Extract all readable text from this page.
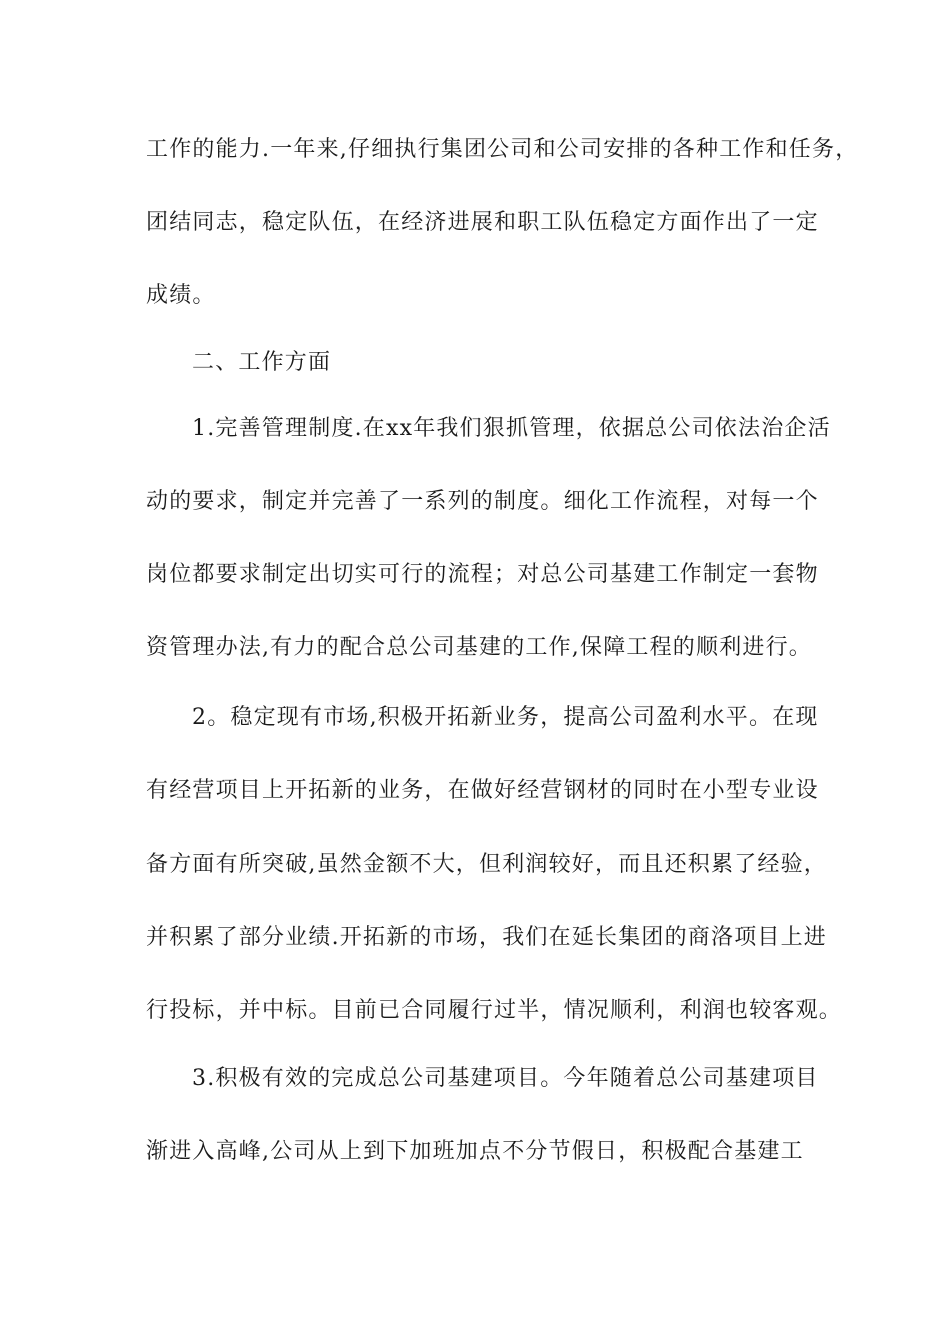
工作的能力.一年来,仔细执行集团公司和公司安排的各种工作和任务，
团结同志，稳定队伍，在经济进展和职工队伍稳定方面作出了一定
成绩。
二、工作方面
1.完善管理制度.在xx年我们狠抓管理，依据总公司依法治企活
动的要求，制定并完善了一系列的制度。细化工作流程，对每一个
岗位都要求制定出切实可行的流程；对总公司基建工作制定一套物
资管理办法,有力的配合总公司基建的工作,保障工程的顺利进行。
2。稳定现有市场,积极开拓新业务，提高公司盈利水平。在现
有经营项目上开拓新的业务，在做好经营钢材的同时在小型专业设
备方面有所突破,虽然金额不大，但利润较好，而且还积累了经验，
并积累了部分业绩.开拓新的市场，我们在延长集团的商洛项目上进
行投标，并中标。目前已合同履行过半，情况顺利，利润也较客观。
3.积极有效的完成总公司基建项目。今年随着总公司基建项目
渐进入高峰,公司从上到下加班加点不分节假日，积极配合基建工
